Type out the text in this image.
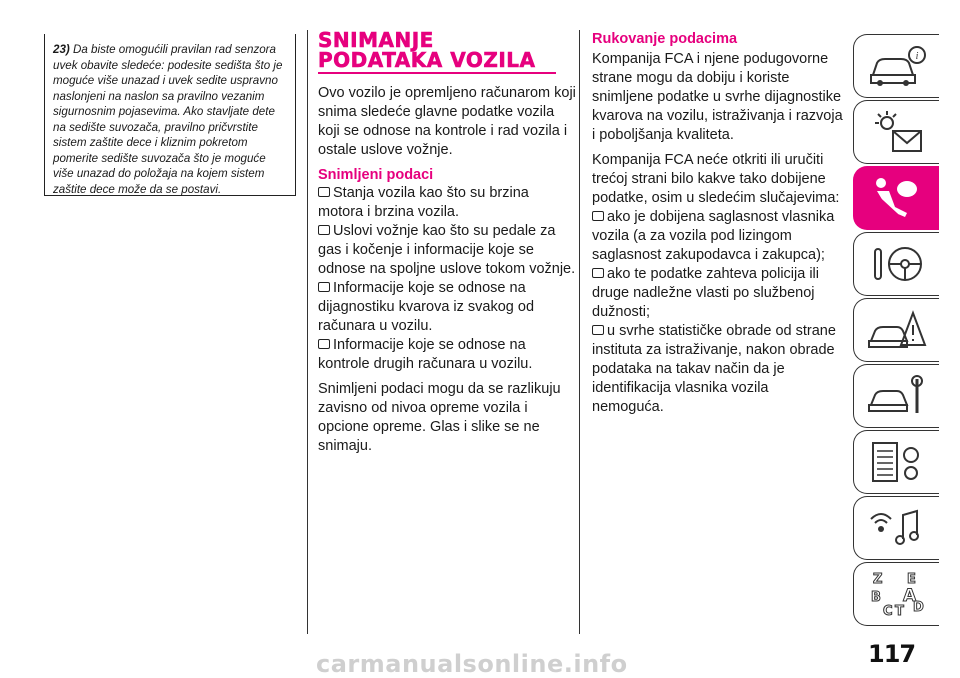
23) Da biste omogućili pravilan rad senzora uvek obavite sledeće: podesite sedišta što je moguće više unazad i uvek sedite uspravno naslonjeni na naslon sa pravilno vezanim sigurnosnim pojasevima. Ako stavljate dete na sedište suvozača, pravilno pričvrstite sistem zaštite dece i kliznim pokretom pomerite sedište suvozača što je moguće više unazad do položaja na kojem sistem zaštite dece može da se postavi.
SNIMANJE
PODATAKA VOZILA

Ovo vozilo je opremljeno računarom koji snima sledeće glavne podatke vozila koji se odnose na kontrole i rad vozila i ostale uslove vožnje.

Snimljeni podaci
Stanja vozila kao što su brzina motora i brzina vozila.
Uslovi vožnje kao što su pedale za gas i kočenje i informacije koje se odnose na spoljne uslove tokom vožnje.
Informacije koje se odnose na dijagnostiku kvarova iz svakog od računara u vozilu.
Informacije koje se odnose na kontrole drugih računara u vozilu.

Snimljeni podaci mogu da se razlikuju zavisno od nivoa opreme vozila i opcione opreme. Glas i slike se ne snimaju.

Rukovanje podacima

Kompanija FCA i njene podugovorne strane mogu da dobiju i koriste snimljene podatke u svrhe dijagnostike kvarova na vozilu, istraživanja i razvoja i poboljšanja kvaliteta.

Kompanija FCA neće otkriti ili uručiti trećoj strani bilo kakve tako dobijene podatke, osim u sledećim slučajevima:

ako je dobijena saglasnost vlasnika vozila (a za vozila pod lizingom saglasnost zakupodavca i zakupca);
ako te podatke zahteva policija ili druge nadležne vlasti po službenoj dužnosti;
u svrhe statističke obrade od strane instituta za istraživanje, nakon obrade podataka na takav način da je identifikacija vlasnika vozila nemoguća.
i
Z E
B A
C T D
117
carmanualsonline.info
